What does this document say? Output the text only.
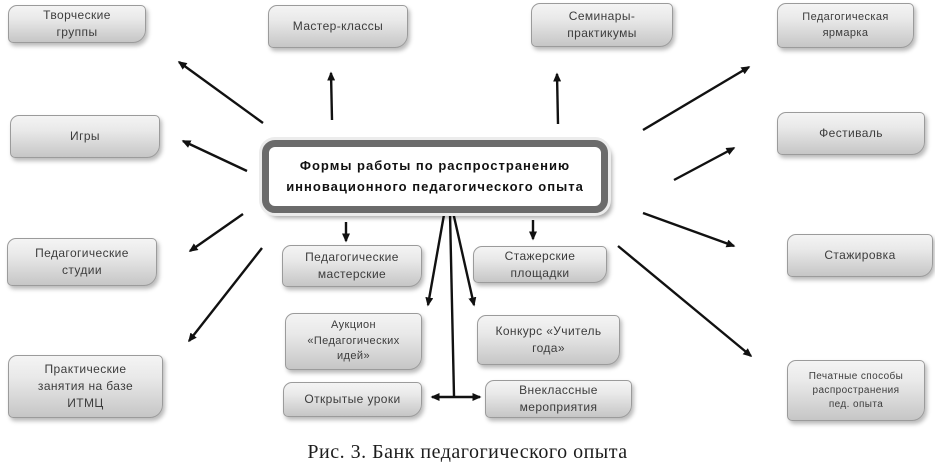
Формы работы по распространению инновационного педагогического опыта
Творческие группы	Мастер-классы
Семинары-практикумы
Педагогическая ярмарка
Игры	Фестиваль
Педагогические студии
Стажировка
Практические занятия на базе ИТМЦ
Печатные способы распространения пед. опыта
Педагогические мастерские
Стажерские площадки
Аукцион «Педагогических идей»
Конкурс «Учитель года»
Открытые уроки
Внеклассные мероприятия
Рис. 3. Банк педагогического опыта
